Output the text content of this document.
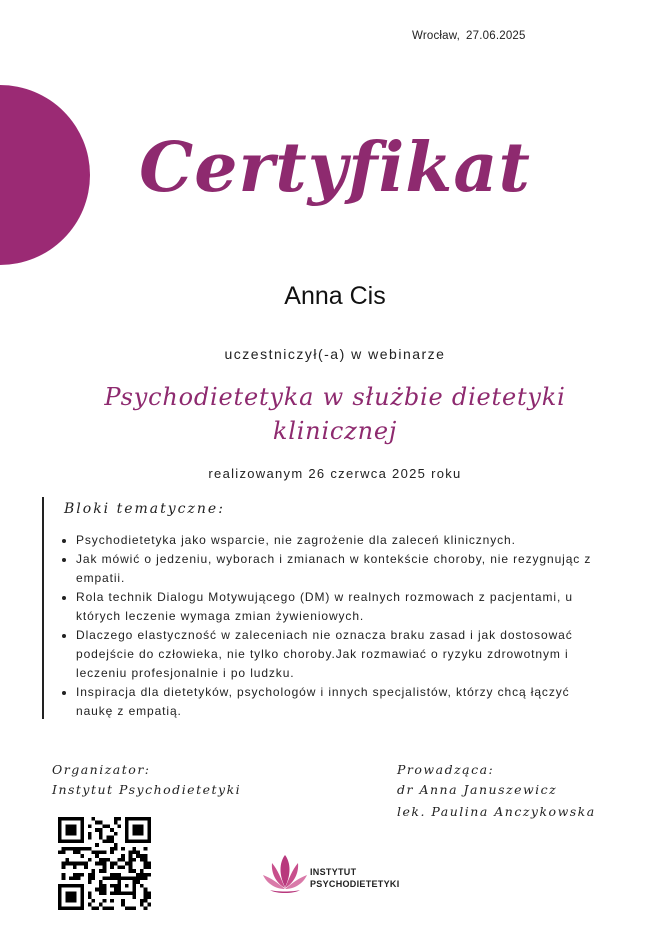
Wrocław, 27.06.2025
Certyfikat
Anna Cis
uczestniczył(-a) w webinarze
Psychodietetyka w służbie dietetyki klinicznej
realizowanym 26 czerwca 2025 roku
Bloki tematyczne:
• Psychodietetyka jako wsparcie, nie zagrożenie dla zaleceń klinicznych.
• Jak mówić o jedzeniu, wyborach i zmianach w kontekście choroby, nie rezygnując z empatii.
• Rola technik Dialogu Motywującego (DM) w realnych rozmowach z pacjentami, u których leczenie wymaga zmian żywieniowych.
• Dlaczego elastyczność w zaleceniach nie oznacza braku zasad i jak dostosować podejście do człowieka, nie tylko choroby.Jak rozmawiać o ryzyku zdrowotnym i leczeniu profesjonalnie i po ludzku.
• Inspiracja dla dietetyków, psychologów i innych specjalistów, którzy chcą łączyć naukę z empatią.
Organizator:
Instytut Psychodietetyki
Prowadząca:
dr Anna Januszewicz
lek. Paulina Anczykowska
INSTYTUT
PSYCHODIETETYKI
